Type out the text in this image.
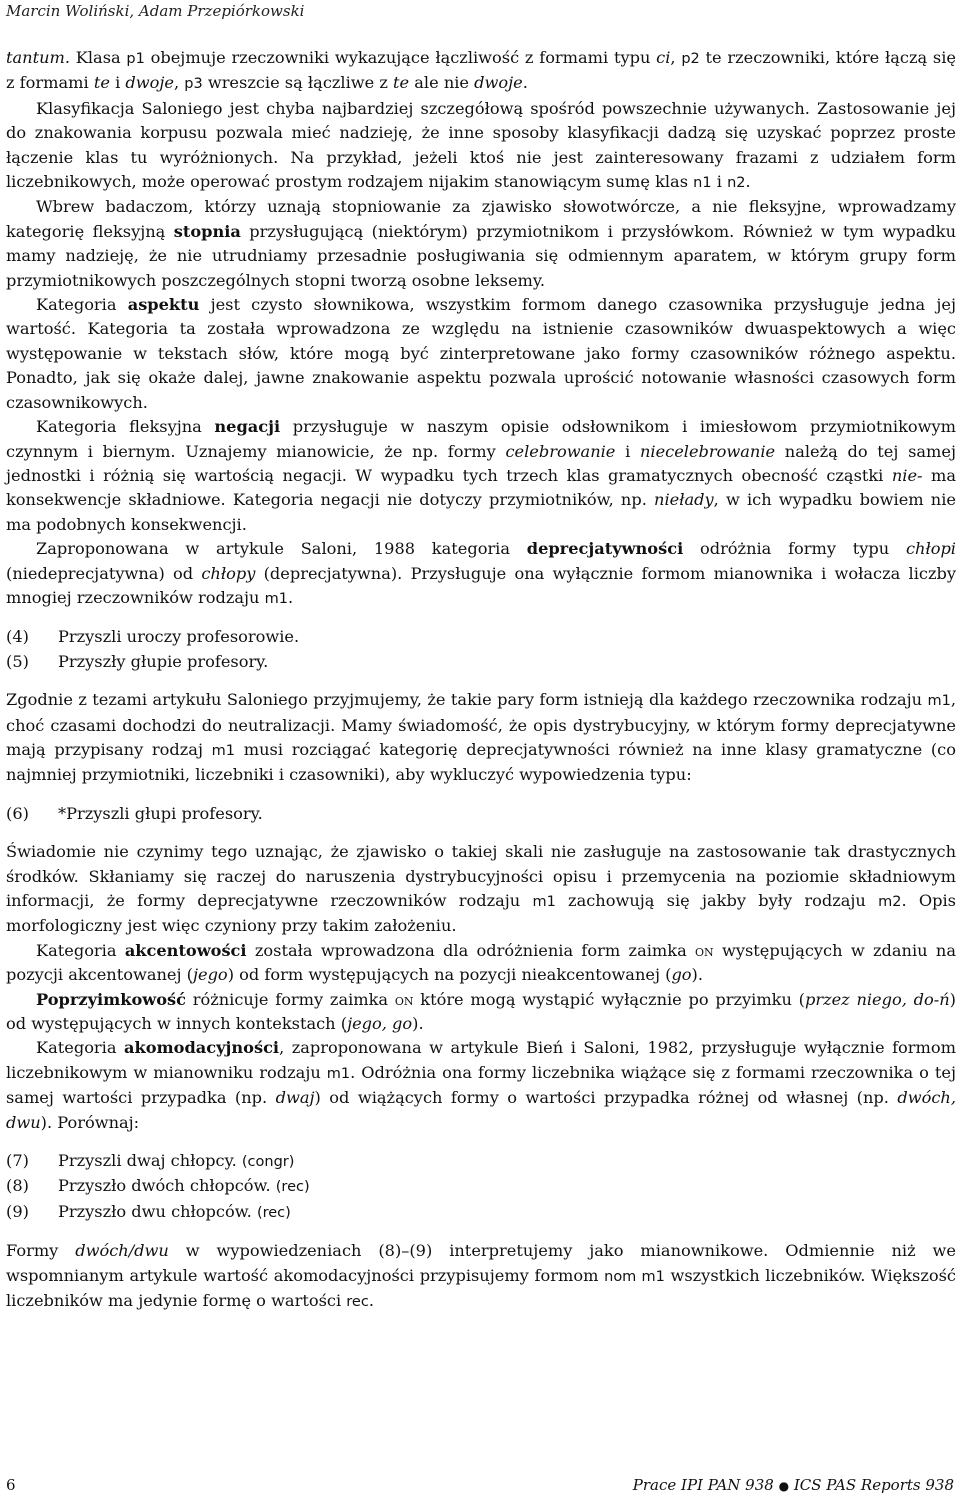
Marcin Woliński, Adam Przepiórkowski

tantum. Klasa p1 obejmuje rzeczowniki wykazujące łączliwość z formami typu ci, p2 te rzeczowniki, które łączą się z formami te i dwoje, p3 wreszcie są łączliwe z te ale nie dwoje.

Klasyfikacja Saloniego jest chyba najbardziej szczegółową spośród powszechnie używanych. Zastosowanie jej do znakowania korpusu pozwala mieć nadzieję, że inne sposoby klasyfikacji dadzą się uzyskać poprzez proste łączenie klas tu wyróżnionych. Na przykład, jeżeli ktoś nie jest zainteresowany frazami z udziałem form liczebnikowych, może operować prostym rodzajem nijakim stanowiącym sumę klas n1 i n2.

Wbrew badaczom, którzy uznają stopniowanie za zjawisko słowotwórcze, a nie fleksyjne, wprowadzamy kategorię fleksyjną stopnia przysługującą (niektórym) przymiotnikom i przysłówkom. Również w tym wypadku mamy nadzieję, że nie utrudniamy przesadnie posługiwania się odmiennym aparatem, w którym grupy form przymiotnikowych poszczególnych stopni tworzą osobne leksemy.

Kategoria aspektu jest czysto słownikowa, wszystkim formom danego czasownika przysługuje jedna jej wartość. Kategoria ta została wprowadzona ze względu na istnienie czasowników dwuaspektowych a więc występowanie w tekstach słów, które mogą być zinterpretowane jako formy czasowników różnego aspektu. Ponadto, jak się okaże dalej, jawne znakowanie aspektu pozwala uprościć notowanie własności czasowych form czasownikowych.

Kategoria fleksyjna negacji przysługuje w naszym opisie odsłownikom i imiesłowom przymiotnikowym czynnym i biernym. Uznajemy mianowicie, że np. formy celebrowanie i niecelebrowanie należą do tej samej jednostki i różnią się wartością negacji. W wypadku tych trzech klas gramatycznych obecność cząstki nie- ma konsekwencje składniowe. Kategoria negacji nie dotyczy przymiotników, np. niełady, w ich wypadku bowiem nie ma podobnych konsekwencji.

Zaproponowana w artykule Saloni, 1988 kategoria deprecjatywności odróżnia formy typu chłopi (niedeprecjatywna) od chłopy (deprecjatywna). Przysługuje ona wyłącznie formom mianownika i wołacza liczby mnogiej rzeczowników rodzaju m1.

(4)	Przyszli uroczy profesorowie.
(5)	Przyszły głupie profesory.

Zgodnie z tezami artykułu Saloniego przyjmujemy, że takie pary form istnieją dla każdego rzeczownika rodzaju m1, choć czasami dochodzi do neutralizacji. Mamy świadomość, że opis dystrybucyjny, w którym formy deprecjatywne mają przypisany rodzaj m1 musi rozciągać kategorię deprecjatywności również na inne klasy gramatyczne (co najmniej przymiotniki, liczebniki i czasowniki), aby wykluczyć wypowiedzenia typu:

(6)	*Przyszli głupi profesory.

Świadomie nie czynimy tego uznając, że zjawisko o takiej skali nie zasługuje na zastosowanie tak drastycznych środków. Skłaniamy się raczej do naruszenia dystrybucyjności opisu i przemycenia na poziomie składniowym informacji, że formy deprecjatywne rzeczowników rodzaju m1 zachowują się jakby były rodzaju m2. Opis morfologiczny jest więc czyniony przy takim założeniu.

Kategoria akcentowości została wprowadzona dla odróżnienia form zaimka on występujących w zdaniu na pozycji akcentowanej (jego) od form występujących na pozycji nieakcentowanej (go).

Poprzyimkowość różnicuje formy zaimka on które mogą wystąpić wyłącznie po przyimku (przez niego, do-ń) od występujących w innych kontekstach (jego, go).

Kategoria akomodacyjności, zaproponowana w artykule Bień i Saloni, 1982, przysługuje wyłącznie formom liczebnikowym w mianowniku rodzaju m1. Odróżnia ona formy liczebnika wiążące się z formami rzeczownika o tej samej wartości przypadka (np. dwaj) od wiążących formy o wartości przypadka różnej od własnej (np. dwóch, dwu). Porównaj:

(7)	Przyszli dwaj chłopcy. (congr)
(8)	Przyszło dwóch chłopców. (rec)
(9)	Przyszło dwu chłopców. (rec)

Formy dwóch/dwu w wypowiedzeniach (8)–(9) interpretujemy jako mianownikowe. Odmiennie niż we wspomnianym artykule wartość akomodacyjności przypisujemy formom nom m1 wszystkich liczebników. Większość liczebników ma jedynie formę o wartości rec.

6	Prace IPI PAN 938 ● ICS PAS Reports 938
